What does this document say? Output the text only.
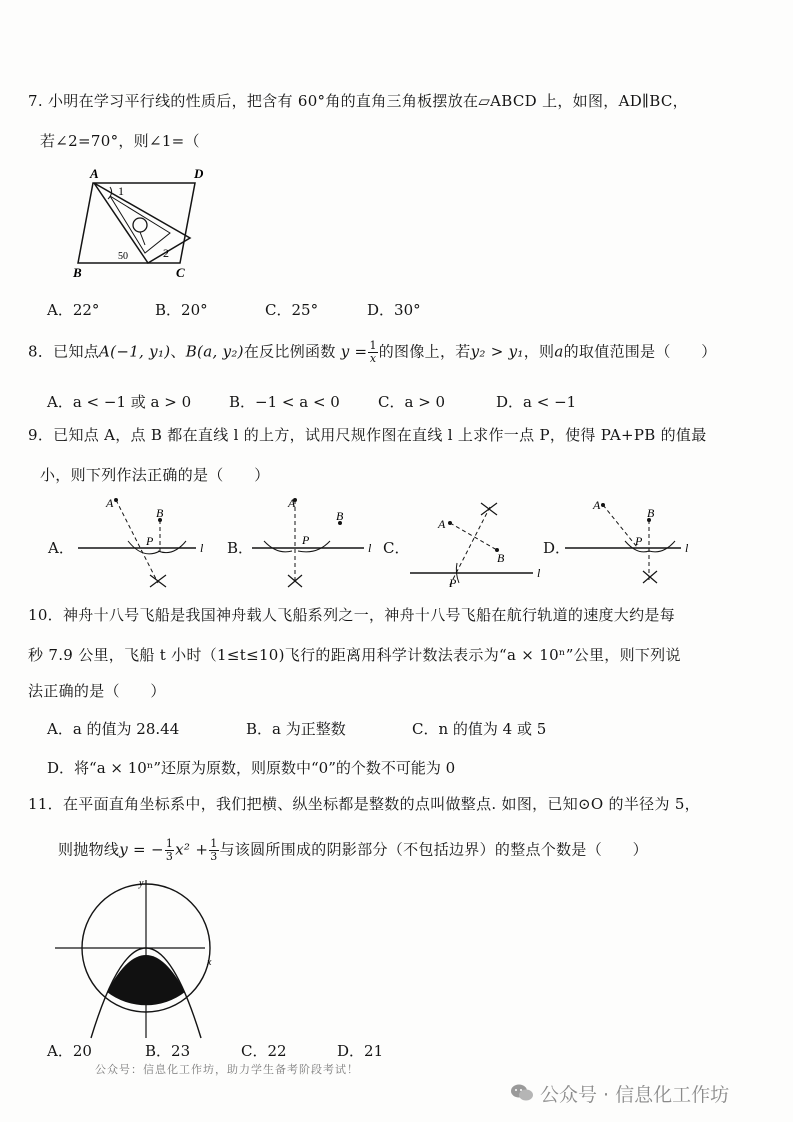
7. 小明在学习平行线的性质后，把含有 60°角的直角三角板摆放在▱ABCD 上，如图，AD∥BC，
若∠2=70°，则∠1=（
A	D
B	C
1
2
50
A．22°	B．20°	C．25°	D．30°
8．已知点A(−1, y₁)、B(a, y₂)在反比例函数 $y = \frac{1}{x}$ 的图像上，若y₂ > y₁，则a的取值范围是（　　）
A．a < −1 或 a > 0	B．−1 < a < 0	C．a > 0	D．a < −1
9．已知点 A，点 B 都在直线 l 的上方，试用尺规作图在直线 l 上求作一点 P，使得 PA+PB 的值最
小，则下列作法正确的是（　　）
A．
A
B
P	l B．
A
B
P
l C．
A
B
P
l
D．
A
B
P	l
10．神舟十八号飞船是我国神舟载人飞船系列之一，神舟十八号飞船在航行轨道的速度大约是每
秒 7.9 公里，飞船 t 小时（1≤t≤10)飞行的距离用科学计数法表示为“a × 10ⁿ”公里，则下列说
法正确的是（　　）
A．a 的值为 28.44	B．a 为正整数	C．n 的值为 4 或 5
D．将“a × 10ⁿ”还原为原数，则原数中“0”的个数不可能为 0
11．在平面直角坐标系中，我们把横、纵坐标都是整数的点叫做整点. 如图，已知⊙O 的半径为 5，
则抛物线y = − $\frac{1}{3} x^2 + \frac{1}{3}$ 与该圆所围成的阴影部分（不包括边界）的整点个数是（　　）
y
x
A．20	B．23	C．22	D．21
公众号：信息化工作坊，助力学生备考阶段考试！
公众号 · 信息化工作坊
